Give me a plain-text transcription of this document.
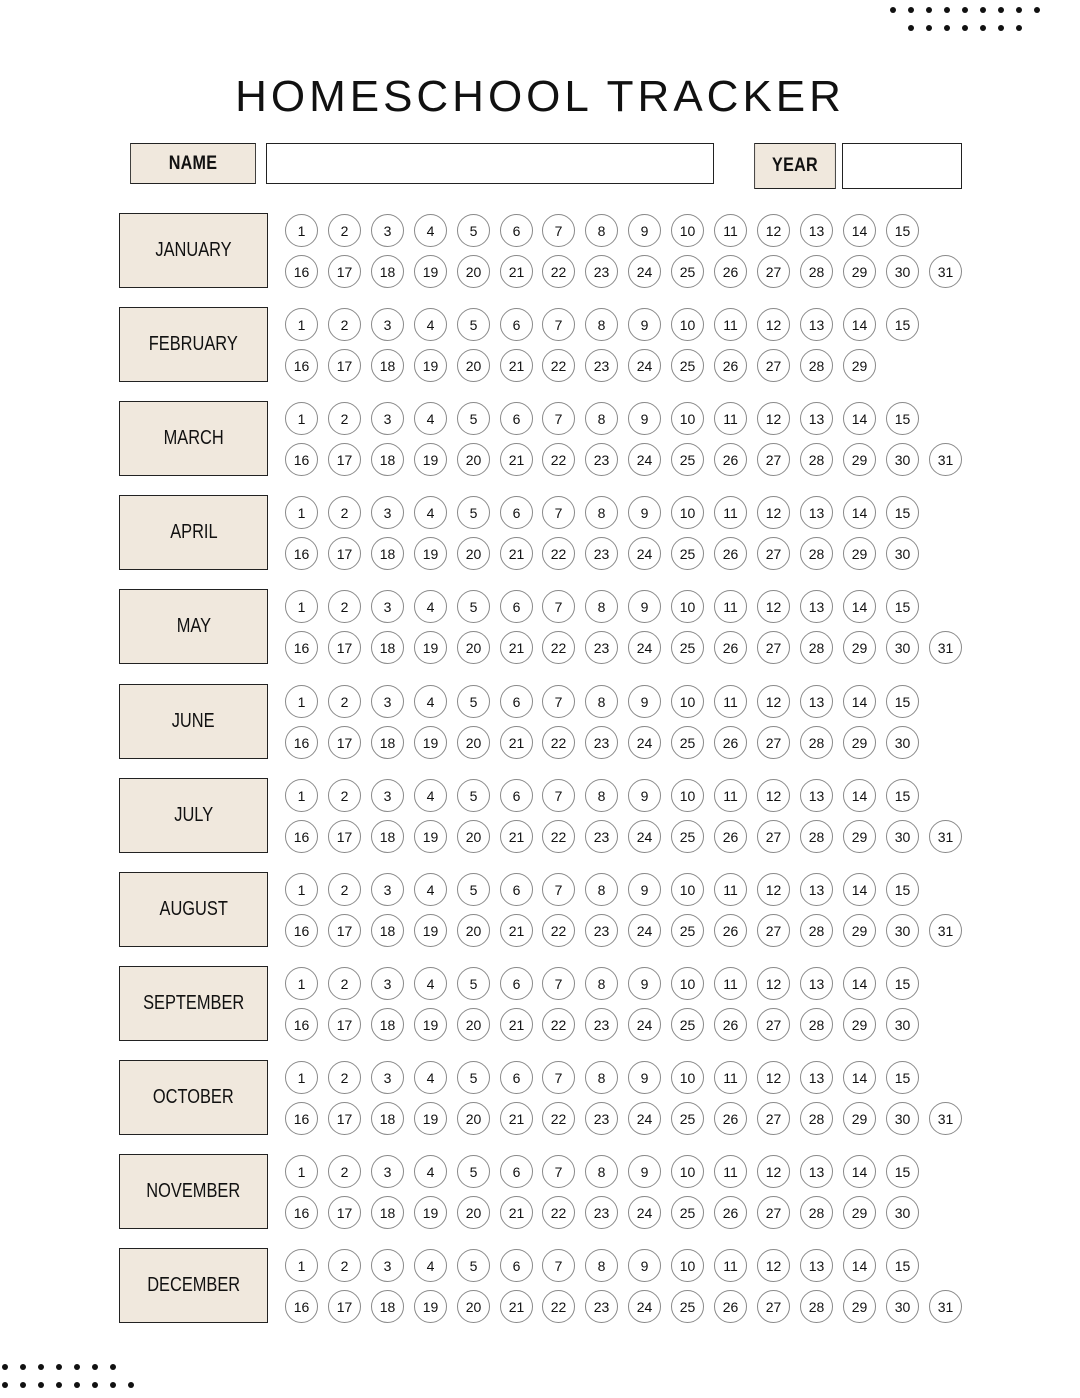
HOMESCHOOL TRACKER
NAME	YEAR
JANUARY
1	2	3	4	5	6	7	8	9	10	11	12	13	14	15
16	17	18	19	20	21	22	23	24	25	26	27	28	29	30	31
FEBRUARY
1	2	3	4	5	6	7	8	9	10	11	12	13	14	15
16	17	18	19	20	21	22	23	24	25	26	27	28	29
MARCH
1	2	3	4	5	6	7	8	9	10	11	12	13	14	15
16	17	18	19	20	21	22	23	24	25	26	27	28	29	30	31
APRIL
1	2	3	4	5	6	7	8	9	10	11	12	13	14	15
16	17	18	19	20	21	22	23	24	25	26	27	28	29	30
MAY
1	2	3	4	5	6	7	8	9	10	11	12	13	14	15
16	17	18	19	20	21	22	23	24	25	26	27	28	29	30	31
JUNE
1	2	3	4	5	6	7	8	9	10	11	12	13	14	15
16	17	18	19	20	21	22	23	24	25	26	27	28	29	30
JULY
1	2	3	4	5	6	7	8	9	10	11	12	13	14	15
16	17	18	19	20	21	22	23	24	25	26	27	28	29	30	31
AUGUST
1	2	3	4	5	6	7	8	9	10	11	12	13	14	15
16	17	18	19	20	21	22	23	24	25	26	27	28	29	30	31
SEPTEMBER
1	2	3	4	5	6	7	8	9	10	11	12	13	14	15
16	17	18	19	20	21	22	23	24	25	26	27	28	29	30
OCTOBER
1	2	3	4	5	6	7	8	9	10	11	12	13	14	15
16	17	18	19	20	21	22	23	24	25	26	27	28	29	30	31
NOVEMBER
1	2	3	4	5	6	7	8	9	10	11	12	13	14	15
16	17	18	19	20	21	22	23	24	25	26	27	28	29	30
DECEMBER
1	2	3	4	5	6	7	8	9	10	11	12	13	14	15
16	17	18	19	20	21	22	23	24	25	26	27	28	29	30	31
